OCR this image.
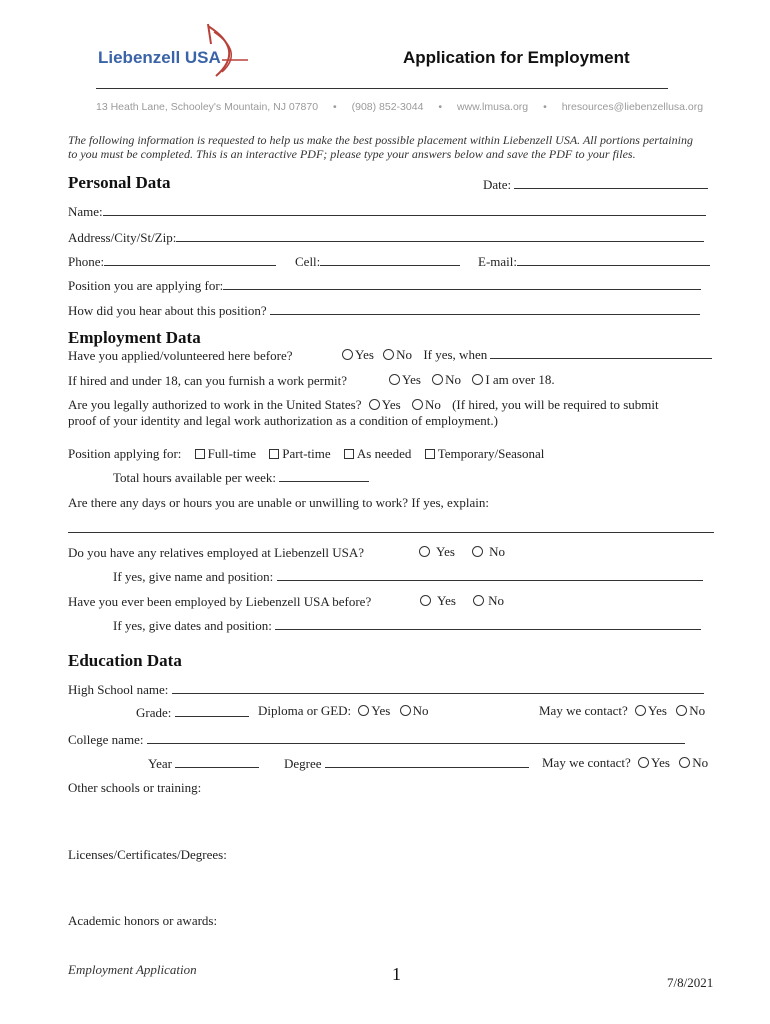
Liebenzell USA	Application for Employment
13 Heath Lane, Schooley's Mountain, NJ 07870 • (908) 852-3044 • www.lmusa.org • hresources@liebenzellusa.org
The following information is requested to help us make the best possible placement within Liebenzell USA. All portions pertaining
to you must be completed. This is an interactive PDF; please type your answers below and save the PDF to your files.
Personal Data	Date:
Name:
Address/City/St/Zip:
Phone:	Cell:	E-mail:
Position you are applying for:
How did you hear about this position?
Employment Data
Have you applied/volunteered here before?	Yes No If yes, when
If hired and under 18, can you furnish a work permit?	Yes No I am over 18.
Are you legally authorized to work in the United States? Yes No (If hired, you will be required to submit
proof of your identity and legal work authorization as a condition of employment.)
Position applying for: Full-time Part-time As needed Temporary/Seasonal
Total hours available per week:
Are there any days or hours you are unable or unwilling to work? If yes, explain:
Do you have any relatives employed at Liebenzell USA?	Yes	No
If yes, give name and position:
Have you ever been employed by Liebenzell USA before?	Yes No
If yes, give dates and position:
Education Data
High School name:
Grade:	Diploma or GED: Yes No	May we contact? Yes No
College name:
Year	Degree	May we contact? Yes No
Other schools or training:
Licenses/Certificates/Degrees:
Academic honors or awards:
Employment Application	1	7/8/2021
